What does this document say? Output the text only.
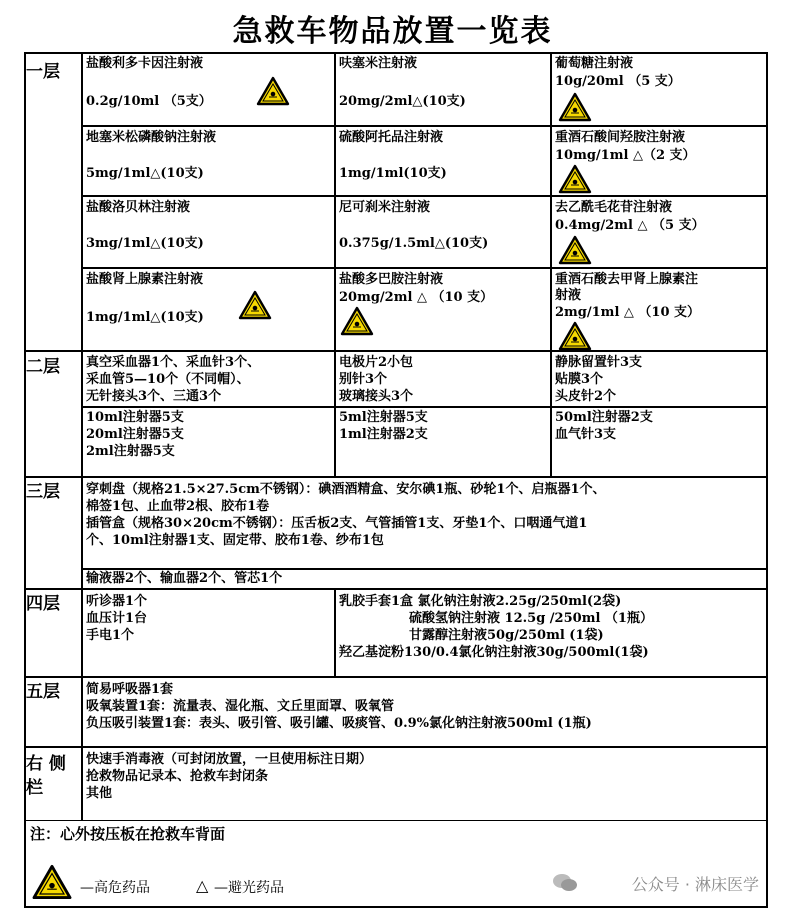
急救车物品放置一览表
一层
二层
三层
四层
五层
右 侧
栏
盐酸利多卡因注射液
0.2g/10ml （5支）
呋塞米注射液
20mg/2ml△(10支)
葡萄糖注射液
10g/20ml （5 支）
地塞米松磷酸钠注射液
5mg/1ml△(10支)
硫酸阿托品注射液
1mg/1ml(10支)
重酒石酸间羟胺注射液
10mg/1ml △（2 支）
盐酸洛贝林注射液
3mg/1ml△(10支)
尼可刹米注射液
0.375g/1.5ml△(10支)
去乙酰毛花苷注射液
0.4mg/2ml △ （5 支）
盐酸肾上腺素注射液
1mg/1ml△(10支)
盐酸多巴胺注射液
20mg/2ml △ （10 支）
重酒石酸去甲肾上腺素注
射液
2mg/1ml △ （10 支）
真空采血器1个、采血针3个、
采血管5—10个（不同帽）、
无针接头3个、三通3个
电极片2小包
别针3个
玻璃接头3个
静脉留置针3支
贴膜3个
头皮针2个
10ml注射器5支
20ml注射器5支
2ml注射器5支
5ml注射器5支
1ml注射器2支
50ml注射器2支
血气针3支
穿刺盘（规格21.5×27.5cm不锈钢）：碘酒酒精盒、安尔碘1瓶、砂轮1个、启瓶器1个、
棉签1包、止血带2根、胶布1卷
插管盒（规格30×20cm不锈钢）：压舌板2支、气管插管1支、牙垫1个、口咽通气道1
个、10ml注射器1支、固定带、胶布1卷、纱布1包
输液器2个、输血器2个、管芯1个
听诊器1个
血压计1台
手电1个
乳胶手套1盒 氯化钠注射液2.25g/250ml(2袋)
硫酸氢钠注射液 12.5g /250ml （1瓶）
甘露醇注射液50g/250ml (1袋)
羟乙基淀粉130/0.4氯化钠注射液30g/500ml(1袋)
简易呼吸器1套
吸氧装置1套：流量表、湿化瓶、文丘里面罩、吸氧管
负压吸引装置1套：表头、吸引管、吸引罐、吸痰管、0.9%氯化钠注射液500ml (1瓶)
快速手消毒液（可封闭放置，一旦使用标注日期）
抢救物品记录本、抢救车封闭条
其他
注：心外按压板在抢救车背面
—高危药品	△ —避光药品	公众号 · 淋床医学
